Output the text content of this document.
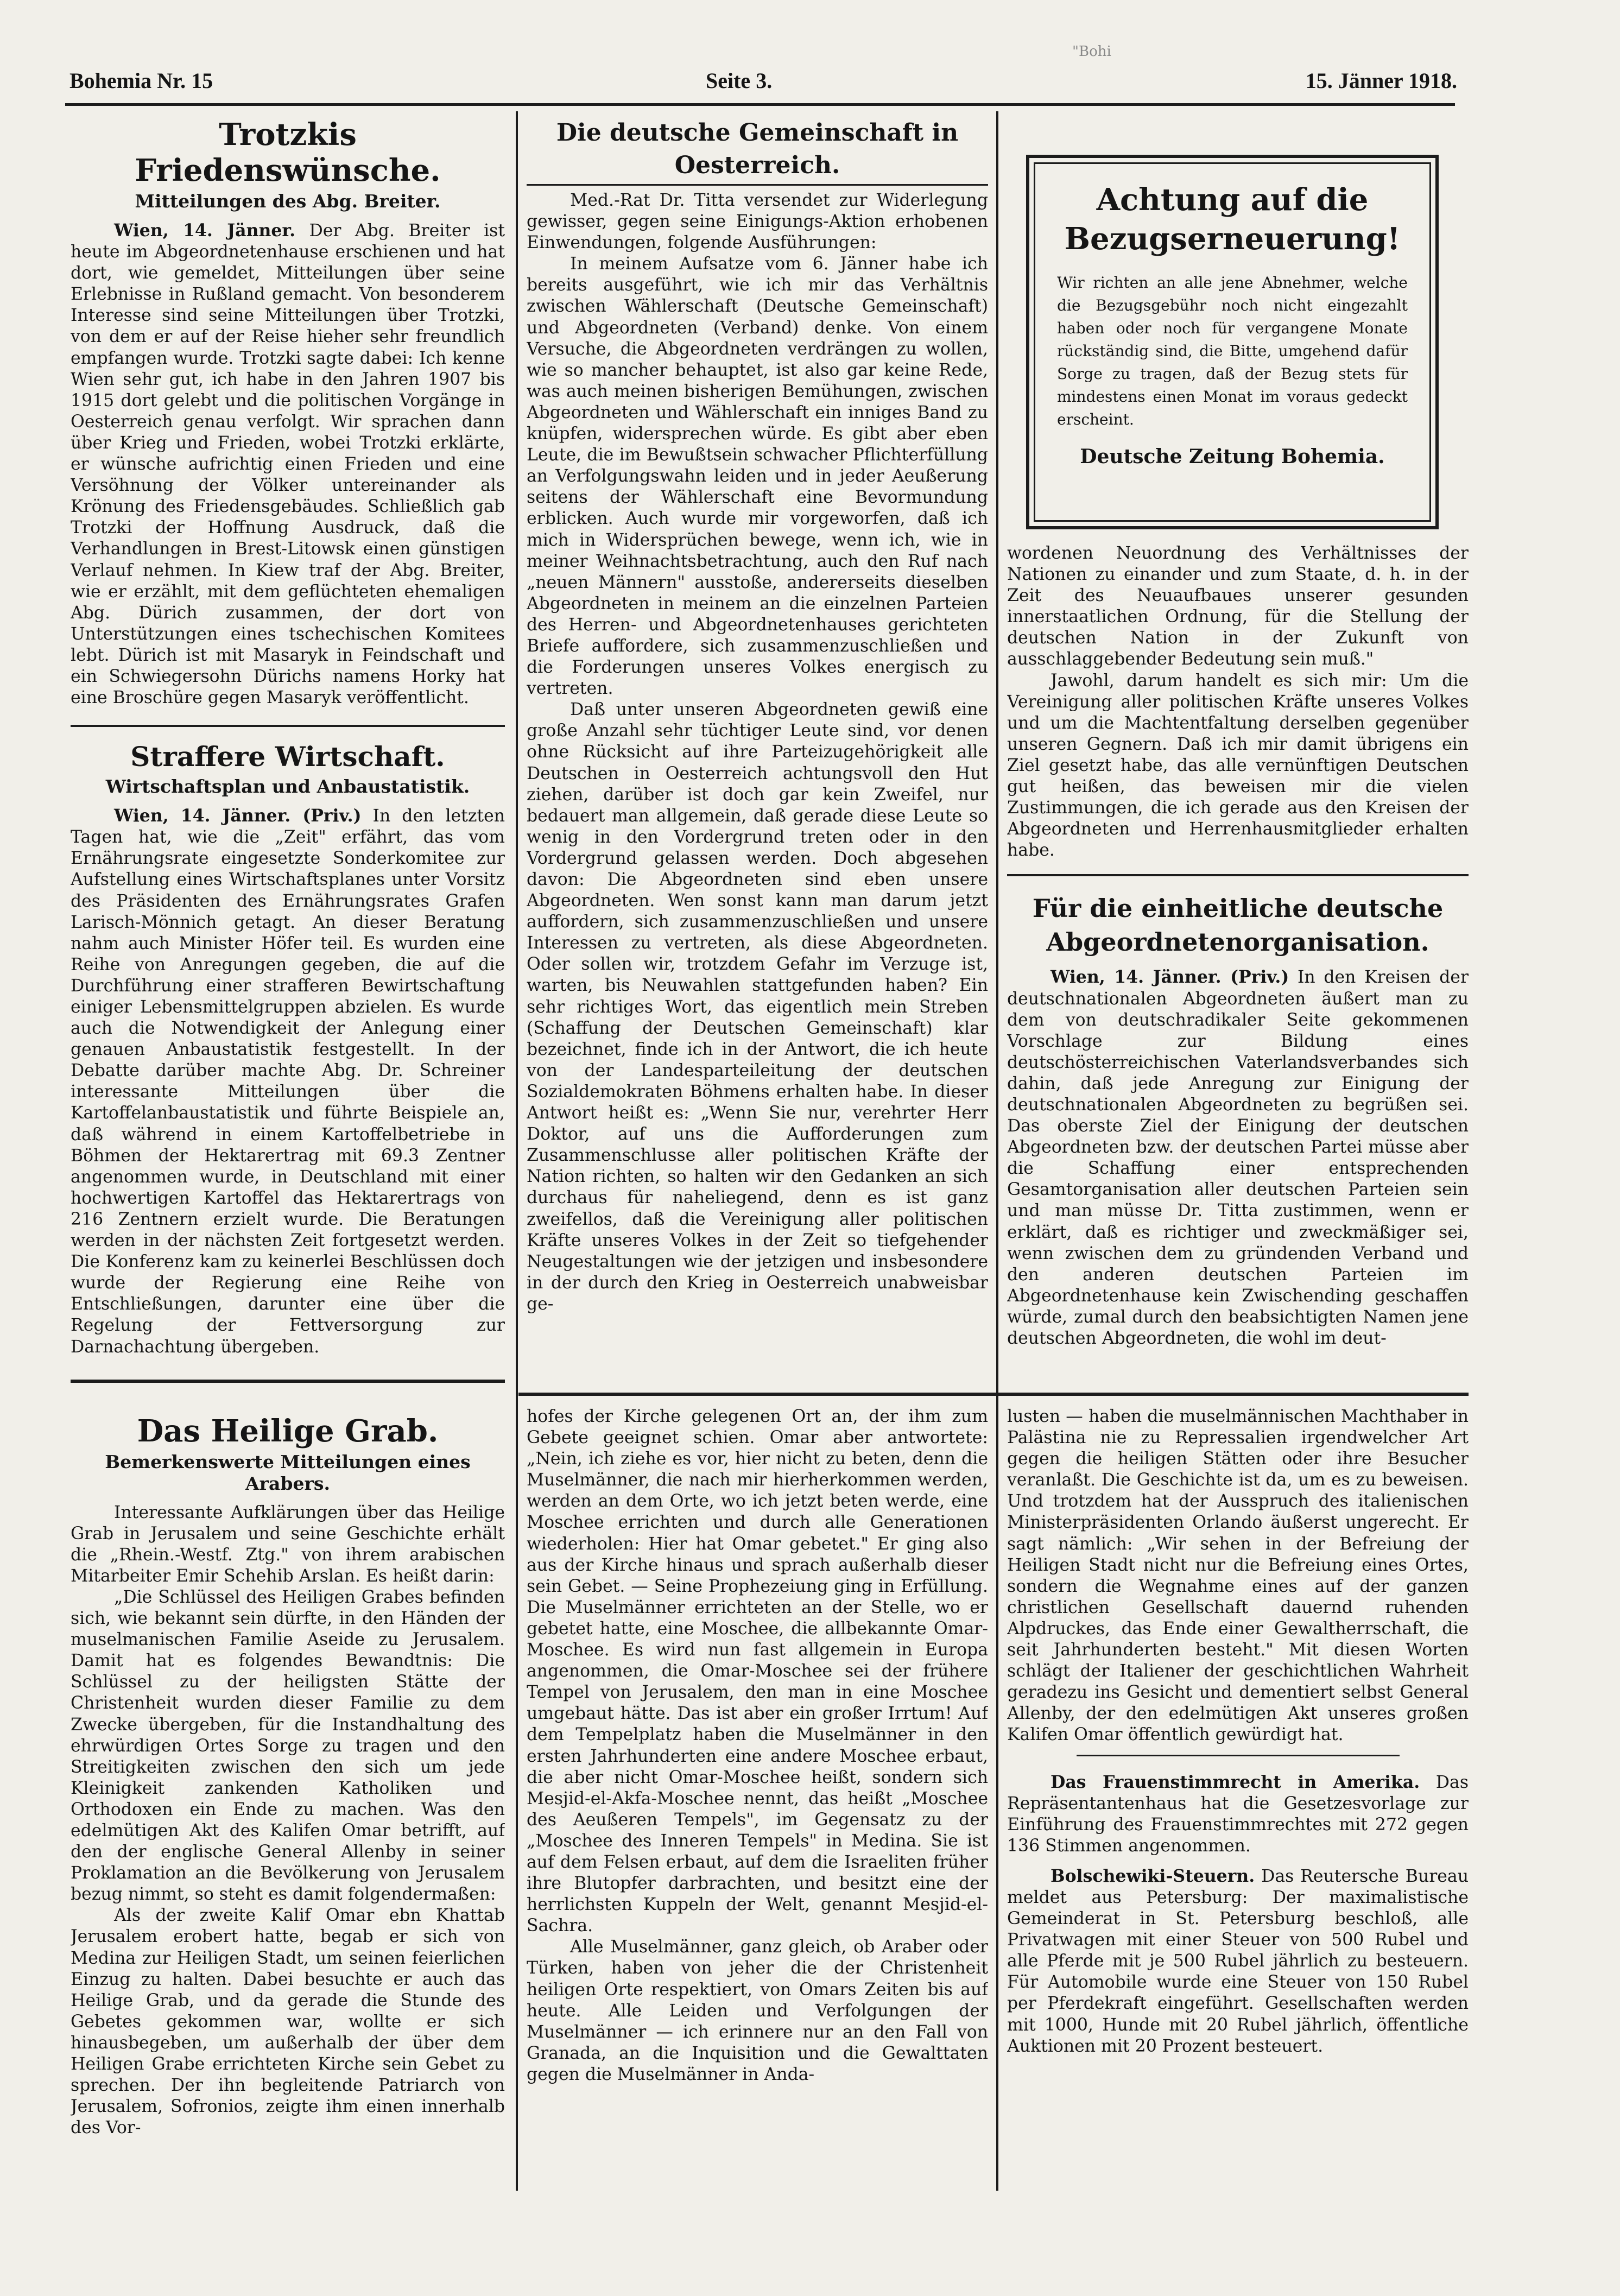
Bohemia Nr. 15	Seite 3.	15. Jänner 1918.
"Bohi
Trotzkis Friedenswünsche.
Mitteilungen des Abg. Breiter.

Wien, 14. Jänner. Der Abg. Breiter ist heute im Abgeordnetenhause erschienen und hat dort, wie gemeldet, Mitteilungen über seine Erlebnisse in Rußland gemacht. Von besonderem Interesse sind seine Mitteilungen über Trotzki, von dem er auf der Reise hieher sehr freundlich empfangen wurde. Trotzki sagte dabei: Ich kenne Wien sehr gut, ich habe in den Jahren 1907 bis 1915 dort gelebt und die politischen Vorgänge in Oesterreich genau verfolgt. Wir sprachen dann über Krieg und Frieden, wobei Trotzki erklärte, er wünsche aufrichtig einen Frieden und eine Versöhnung der Völker untereinander als Krönung des Friedensgebäudes. Schließlich gab Trotzki der Hoffnung Ausdruck, daß die Verhandlungen in Brest-Litowsk einen günstigen Verlauf nehmen. In Kiew traf der Abg. Breiter, wie er erzählt, mit dem geflüchteten ehemaligen Abg. Dürich zusammen, der dort von Unterstützungen eines tschechischen Komitees lebt. Dürich ist mit Masaryk in Feindschaft und ein Schwiegersohn Dürichs namens Horky hat eine Broschüre gegen Masaryk veröffentlicht.

Straffere Wirtschaft.
Wirtschaftsplan und Anbaustatistik.

Wien, 14. Jänner. (Priv.) In den letzten Tagen hat, wie die „Zeit" erfährt, das vom Ernährungsrate eingesetzte Sonderkomitee zur Aufstellung eines Wirtschaftsplanes unter Vorsitz des Präsidenten des Ernährungsrates Grafen Larisch-Mönnich getagt. An dieser Beratung nahm auch Minister Höfer teil. Es wurden eine Reihe von Anregungen gegeben, die auf die Durchführung einer strafferen Bewirtschaftung einiger Lebensmittelgruppen abzielen. Es wurde auch die Notwendigkeit der Anlegung einer genauen Anbaustatistik festgestellt. In der Debatte darüber machte Abg. Dr. Schreiner interessante Mitteilungen über die Kartoffelanbaustatistik und führte Beispiele an, daß während in einem Kartoffelbetriebe in Böhmen der Hektarertrag mit 69.3 Zentner angenommen wurde, in Deutschland mit einer hochwertigen Kartoffel das Hektarertrags von 216 Zentnern erzielt wurde. Die Beratungen werden in der nächsten Zeit fortgesetzt werden. Die Konferenz kam zu keinerlei Beschlüssen doch wurde der Regierung eine Reihe von Entschließungen, darunter eine über die Regelung der Fettversorgung zur Darnachachtung übergeben.

Das Heilige Grab.
Bemerkenswerte Mitteilungen eines Arabers.

Interessante Aufklärungen über das Heilige Grab in Jerusalem und seine Geschichte erhält die „Rhein.-Westf. Ztg." von ihrem arabischen Mitarbeiter Emir Schehib Arslan. Es heißt darin:

„Die Schlüssel des Heiligen Grabes befinden sich, wie bekannt sein dürfte, in den Händen der muselmanischen Familie Aseide zu Jerusalem. Damit hat es folgendes Bewandtnis: Die Schlüssel zu der heiligsten Stätte der Christenheit wurden dieser Familie zu dem Zwecke übergeben, für die Instandhaltung des ehrwürdigen Ortes Sorge zu tragen und den Streitigkeiten zwischen den sich um jede Kleinigkeit zankenden Katholiken und Orthodoxen ein Ende zu machen. Was den edelmütigen Akt des Kalifen Omar betrifft, auf den der englische General Allenby in seiner Proklamation an die Bevölkerung von Jerusalem bezug nimmt, so steht es damit folgendermaßen:

Als der zweite Kalif Omar ebn Khattab Jerusalem erobert hatte, begab er sich von Medina zur Heiligen Stadt, um seinen feierlichen Einzug zu halten. Dabei besuchte er auch das Heilige Grab, und da gerade die Stunde des Gebetes gekommen war, wollte er sich hinausbegeben, um außerhalb der über dem Heiligen Grabe errichteten Kirche sein Gebet zu sprechen. Der ihn begleitende Patriarch von Jerusalem, Sofronios, zeigte ihm einen innerhalb des Vor-

Die deutsche Gemeinschaft in Oesterreich.

Med.-Rat Dr. Titta versendet zur Widerlegung gewisser, gegen seine Einigungs-Aktion erhobenen Einwendungen, folgende Ausführungen:

In meinem Aufsatze vom 6. Jänner habe ich bereits ausgeführt, wie ich mir das Verhältnis zwischen Wählerschaft (Deutsche Gemeinschaft) und Abgeordneten (Verband) denke. Von einem Versuche, die Abgeordneten verdrängen zu wollen, wie so mancher behauptet, ist also gar keine Rede, was auch meinen bisherigen Bemühungen, zwischen Abgeordneten und Wählerschaft ein inniges Band zu knüpfen, widersprechen würde. Es gibt aber eben Leute, die im Bewußtsein schwacher Pflichterfüllung an Verfolgungswahn leiden und in jeder Aeußerung seitens der Wählerschaft eine Bevormundung erblicken. Auch wurde mir vorgeworfen, daß ich mich in Widersprüchen bewege, wenn ich, wie in meiner Weihnachtsbetrachtung, auch den Ruf nach „neuen Männern" ausstoße, andererseits dieselben Abgeordneten in meinem an die einzelnen Parteien des Herren- und Abgeordnetenhauses gerichteten Briefe auffordere, sich zusammenzuschließen und die Forderungen unseres Volkes energisch zu vertreten.

Daß unter unseren Abgeordneten gewiß eine große Anzahl sehr tüchtiger Leute sind, vor denen ohne Rücksicht auf ihre Parteizugehörigkeit alle Deutschen in Oesterreich achtungsvoll den Hut ziehen, darüber ist doch gar kein Zweifel, nur bedauert man allgemein, daß gerade diese Leute so wenig in den Vordergrund treten oder in den Vordergrund gelassen werden. Doch abgesehen davon: Die Abgeordneten sind eben unsere Abgeordneten. Wen sonst kann man darum jetzt auffordern, sich zusammenzuschließen und unsere Interessen zu vertreten, als diese Abgeordneten. Oder sollen wir, trotzdem Gefahr im Verzuge ist, warten, bis Neuwahlen stattgefunden haben? Ein sehr richtiges Wort, das eigentlich mein Streben (Schaffung der Deutschen Gemeinschaft) klar bezeichnet, finde ich in der Antwort, die ich heute von der Landesparteileitung der deutschen Sozialdemokraten Böhmens erhalten habe. In dieser Antwort heißt es: „Wenn Sie nur, verehrter Herr Doktor, auf uns die Aufforderungen zum Zusammenschlusse aller politischen Kräfte der Nation richten, so halten wir den Gedanken an sich durchaus für naheliegend, denn es ist ganz zweifellos, daß die Vereinigung aller politischen Kräfte unseres Volkes in der Zeit so tiefgehender Neugestaltungen wie der jetzigen und insbesondere in der durch den Krieg in Oesterreich unabweisbar ge-

Achtung auf die Bezugserneuerung!

Wir richten an alle jene Abnehmer, welche die Bezugsgebühr noch nicht eingezahlt haben oder noch für vergangene Monate rückständig sind, die Bitte, umgehend dafür Sorge zu tragen, daß der Bezug stets für mindestens einen Monat im voraus gedeckt erscheint.

Deutsche Zeitung Bohemia.

wordenen Neuordnung des Verhältnisses der Nationen zu einander und zum Staate, d. h. in der Zeit des Neuaufbaues unserer gesunden innerstaatlichen Ordnung, für die Stellung der deutschen Nation in der Zukunft von ausschlaggebender Bedeutung sein muß."

Jawohl, darum handelt es sich mir: Um die Vereinigung aller politischen Kräfte unseres Volkes und um die Machtentfaltung derselben gegenüber unseren Gegnern. Daß ich mir damit übrigens ein Ziel gesetzt habe, das alle vernünftigen Deutschen gut heißen, das beweisen mir die vielen Zustimmungen, die ich gerade aus den Kreisen der Abgeordneten und Herrenhausmitglieder erhalten habe.

Für die einheitliche deutsche Abgeordnetenorganisation.

Wien, 14. Jänner. (Priv.) In den Kreisen der deutschnationalen Abgeordneten äußert man zu dem von deutschradikaler Seite gekommenen Vorschlage zur Bildung eines deutschösterreichischen Vaterlandsverbandes sich dahin, daß jede Anregung zur Einigung der deutschnationalen Abgeordneten zu begrüßen sei. Das oberste Ziel der Einigung der deutschen Abgeordneten bzw. der deutschen Partei müsse aber die Schaffung einer entsprechenden Gesamtorganisation aller deutschen Parteien sein und man müsse Dr. Titta zustimmen, wenn er erklärt, daß es richtiger und zweckmäßiger sei, wenn zwischen dem zu gründenden Verband und den anderen deutschen Parteien im Abgeordnetenhause kein Zwischending geschaffen würde, zumal durch den beabsichtigten Namen jene deutschen Abgeordneten, die wohl im deut-

hofes der Kirche gelegenen Ort an, der ihm zum Gebete geeignet schien. Omar aber antwortete: „Nein, ich ziehe es vor, hier nicht zu beten, denn die Muselmänner, die nach mir hierherkommen werden, werden an dem Orte, wo ich jetzt beten werde, eine Moschee errichten und durch alle Generationen wiederholen: Hier hat Omar gebetet." Er ging also aus der Kirche hinaus und sprach außerhalb dieser sein Gebet. — Seine Prophezeiung ging in Erfüllung. Die Muselmänner errichteten an der Stelle, wo er gebetet hatte, eine Moschee, die allbekannte Omar-Moschee. Es wird nun fast allgemein in Europa angenommen, die Omar-Moschee sei der frühere Tempel von Jerusalem, den man in eine Moschee umgebaut hätte. Das ist aber ein großer Irrtum! Auf dem Tempelplatz haben die Muselmänner in den ersten Jahrhunderten eine andere Moschee erbaut, die aber nicht Omar-Moschee heißt, sondern sich Mesjid-el-Akfa-Moschee nennt, das heißt „Moschee des Aeußeren Tempels", im Gegensatz zu der „Moschee des Inneren Tempels" in Medina. Sie ist auf dem Felsen erbaut, auf dem die Israeliten früher ihre Blutopfer darbrachten, und besitzt eine der herrlichsten Kuppeln der Welt, genannt Mesjid-el-Sachra.

Alle Muselmänner, ganz gleich, ob Araber oder Türken, haben von jeher die der Christenheit heiligen Orte respektiert, von Omars Zeiten bis auf heute. Alle Leiden und Verfolgungen der Muselmänner — ich erinnere nur an den Fall von Granada, an die Inquisition und die Gewalttaten gegen die Muselmänner in Anda-

lusten — haben die muselmännischen Machthaber in Palästina nie zu Repressalien irgendwelcher Art gegen die heiligen Stätten oder ihre Besucher veranlaßt. Die Geschichte ist da, um es zu beweisen. Und trotzdem hat der Ausspruch des italienischen Ministerpräsidenten Orlando äußerst ungerecht. Er sagt nämlich: „Wir sehen in der Befreiung der Heiligen Stadt nicht nur die Befreiung eines Ortes, sondern die Wegnahme eines auf der ganzen christlichen Gesellschaft dauernd ruhenden Alpdruckes, das Ende einer Gewaltherrschaft, die seit Jahrhunderten besteht." Mit diesen Worten schlägt der Italiener der geschichtlichen Wahrheit geradezu ins Gesicht und dementiert selbst General Allenby, der den edelmütigen Akt unseres großen Kalifen Omar öffentlich gewürdigt hat.

Das Frauenstimmrecht in Amerika. Das Repräsentantenhaus hat die Gesetzesvorlage zur Einführung des Frauenstimmrechtes mit 272 gegen 136 Stimmen angenommen.

Bolschewiki-Steuern. Das Reutersche Bureau meldet aus Petersburg: Der maximalistische Gemeinderat in St. Petersburg beschloß, alle Privatwagen mit einer Steuer von 500 Rubel und alle Pferde mit je 500 Rubel jährlich zu besteuern. Für Automobile wurde eine Steuer von 150 Rubel per Pferdekraft eingeführt. Gesellschaften werden mit 1000, Hunde mit 20 Rubel jährlich, öffentliche Auktionen mit 20 Prozent besteuert.
